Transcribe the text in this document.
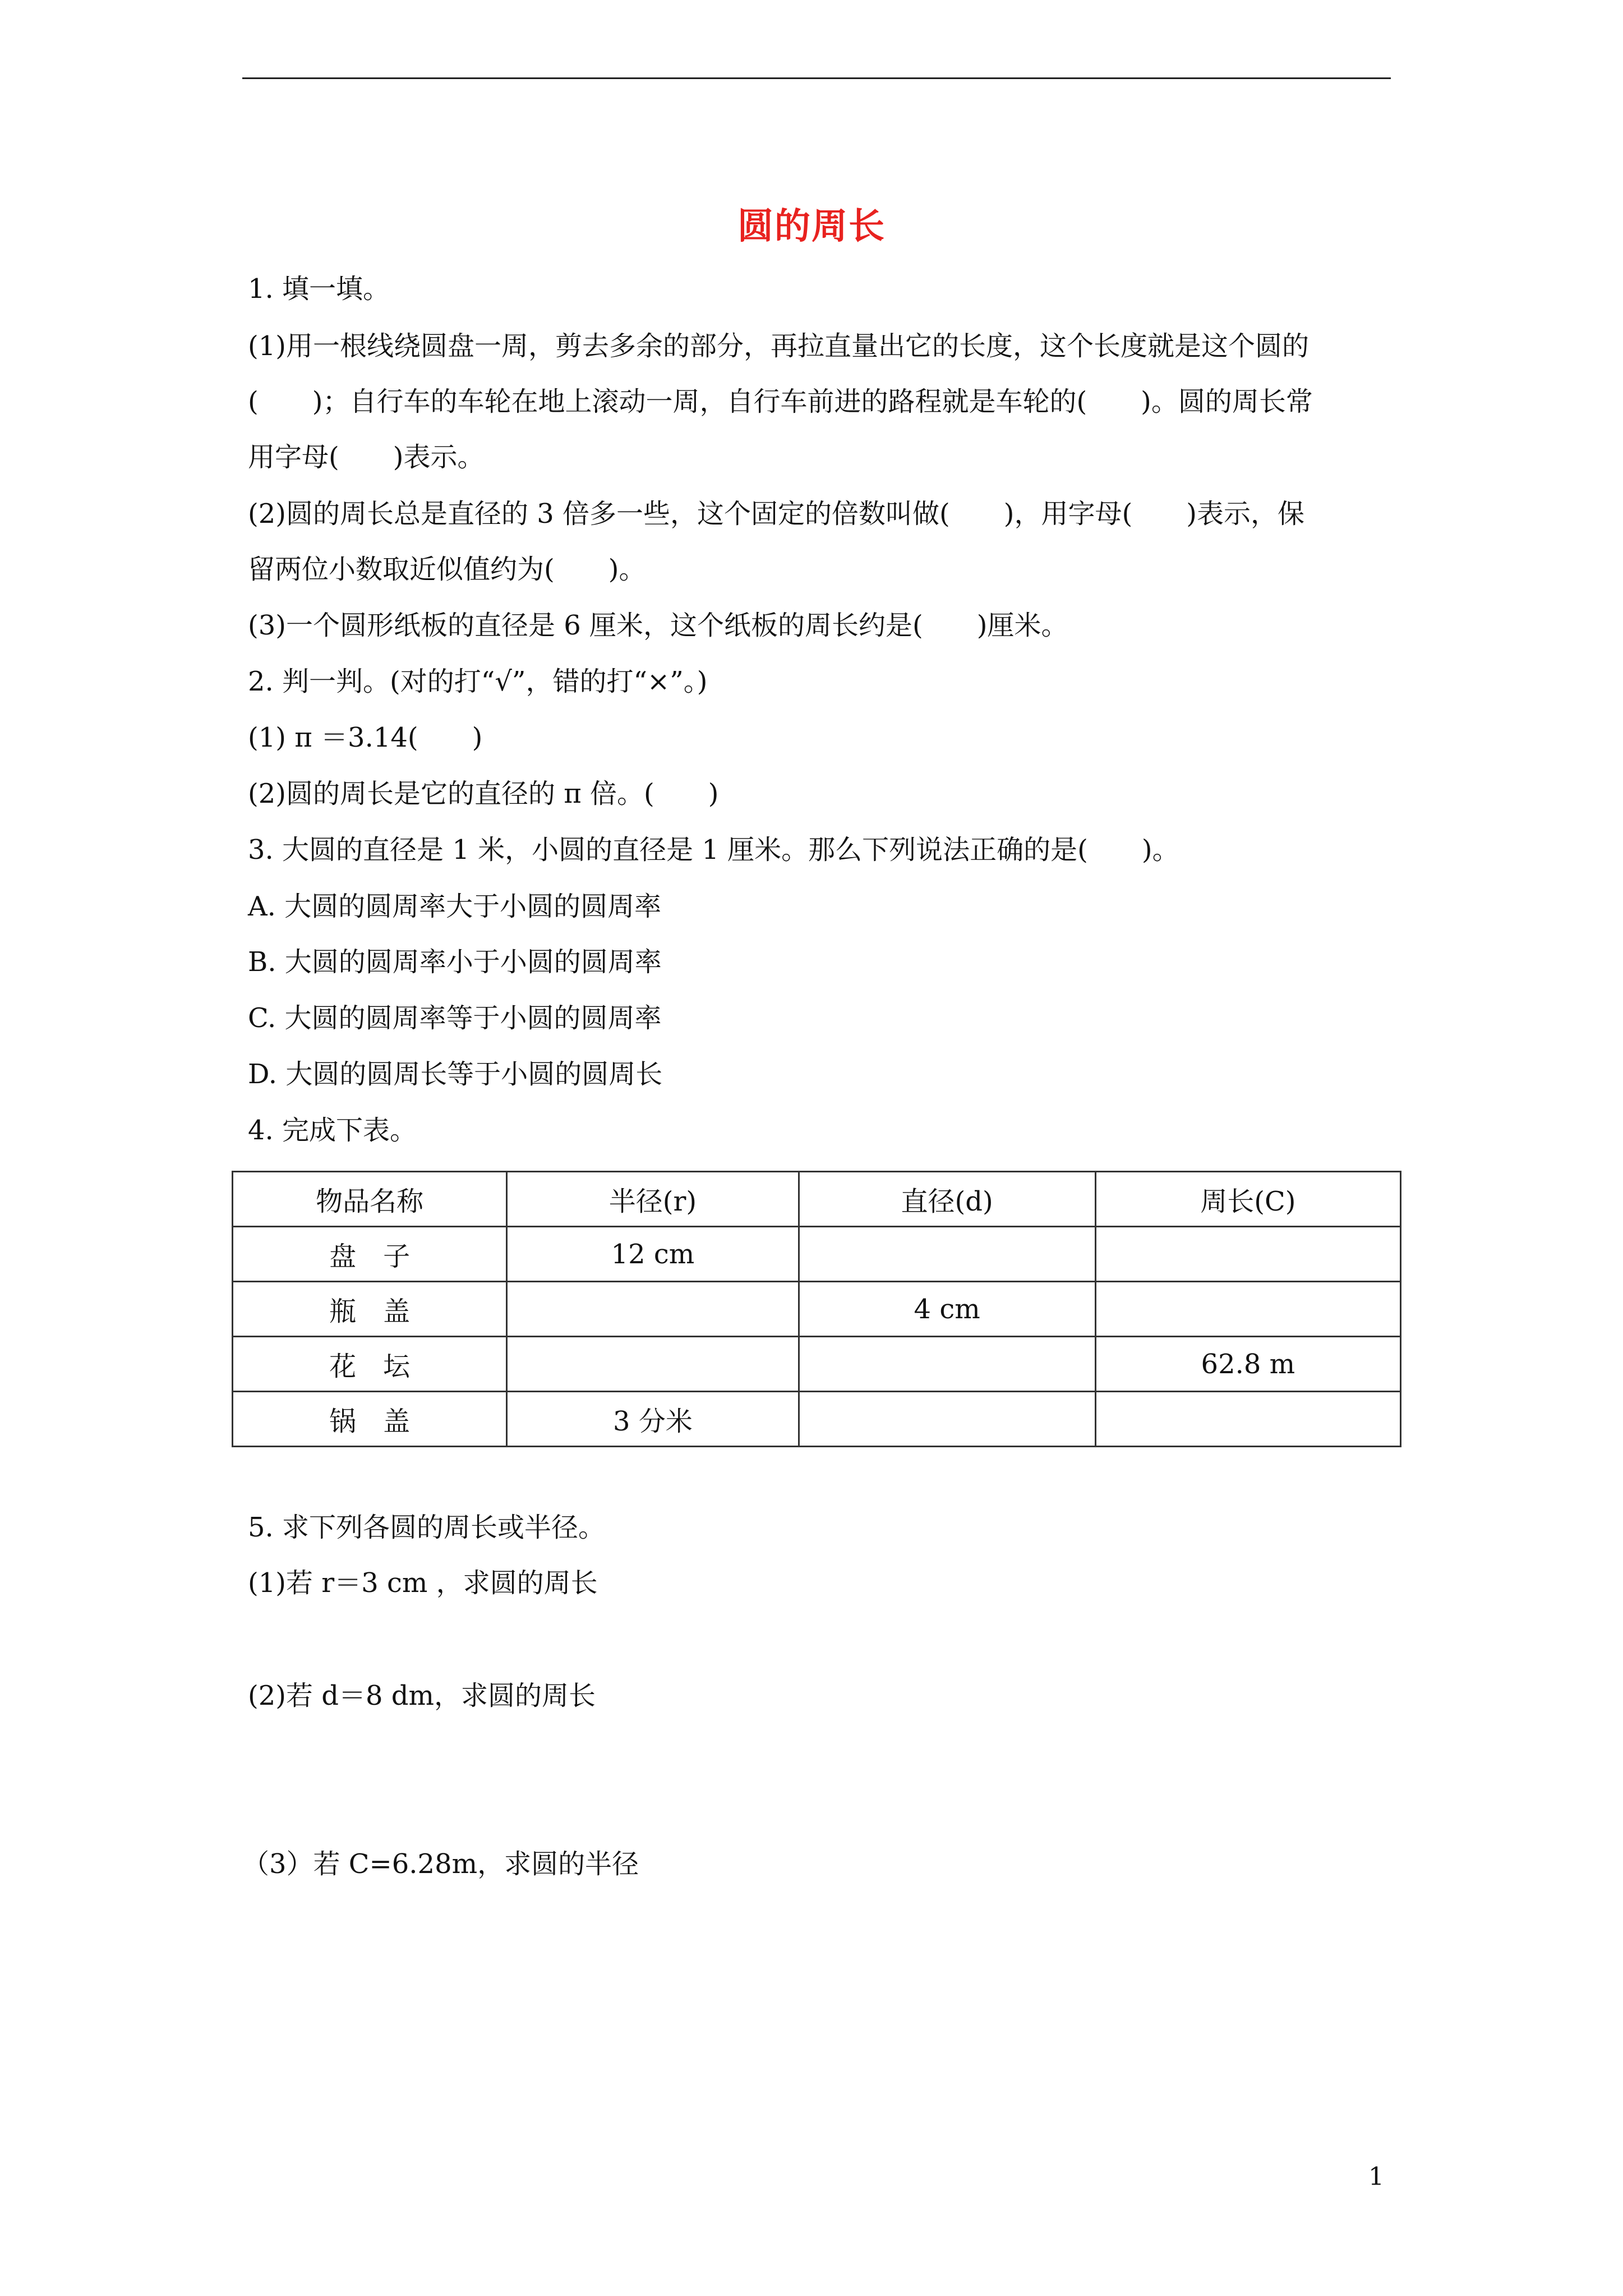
圆的周长
1. 填一填。
(1)用一根线绕圆盘一周，剪去多余的部分，再拉直量出它的长度，这个长度就是这个圆的
(　　)；自行车的车轮在地上滚动一周，自行车前进的路程就是车轮的(　　)。圆的周长常
用字母(　　)表示。
(2)圆的周长总是直径的 3 倍多一些，这个固定的倍数叫做(　　)，用字母(　　)表示，保
留两位小数取近似值约为(　　)。
(3)一个圆形纸板的直径是 6 厘米，这个纸板的周长约是(　　)厘米。
2. 判一判。(对的打“√”，错的打“×”。)
(1) π ＝3.14(　　)
(2)圆的周长是它的直径的 π 倍。(　　)
3. 大圆的直径是 1 米，小圆的直径是 1 厘米。那么下列说法正确的是(　　)。
A. 大圆的圆周率大于小圆的圆周率
B. 大圆的圆周率小于小圆的圆周率
C. 大圆的圆周率等于小圆的圆周率
D. 大圆的圆周长等于小圆的圆周长
4. 完成下表。
物品名称	半径(r)	直径(d)	周长(C)
盘　子	12 cm		
瓶　盖		4 cm	
花　坛			62.8 m
锅　盖	3 分米		
5. 求下列各圆的周长或半径。
(1)若 r＝3 cm ，求圆的周长
(2)若 d＝8 dm，求圆的周长
（3）若 C=6.28m，求圆的半径
1
